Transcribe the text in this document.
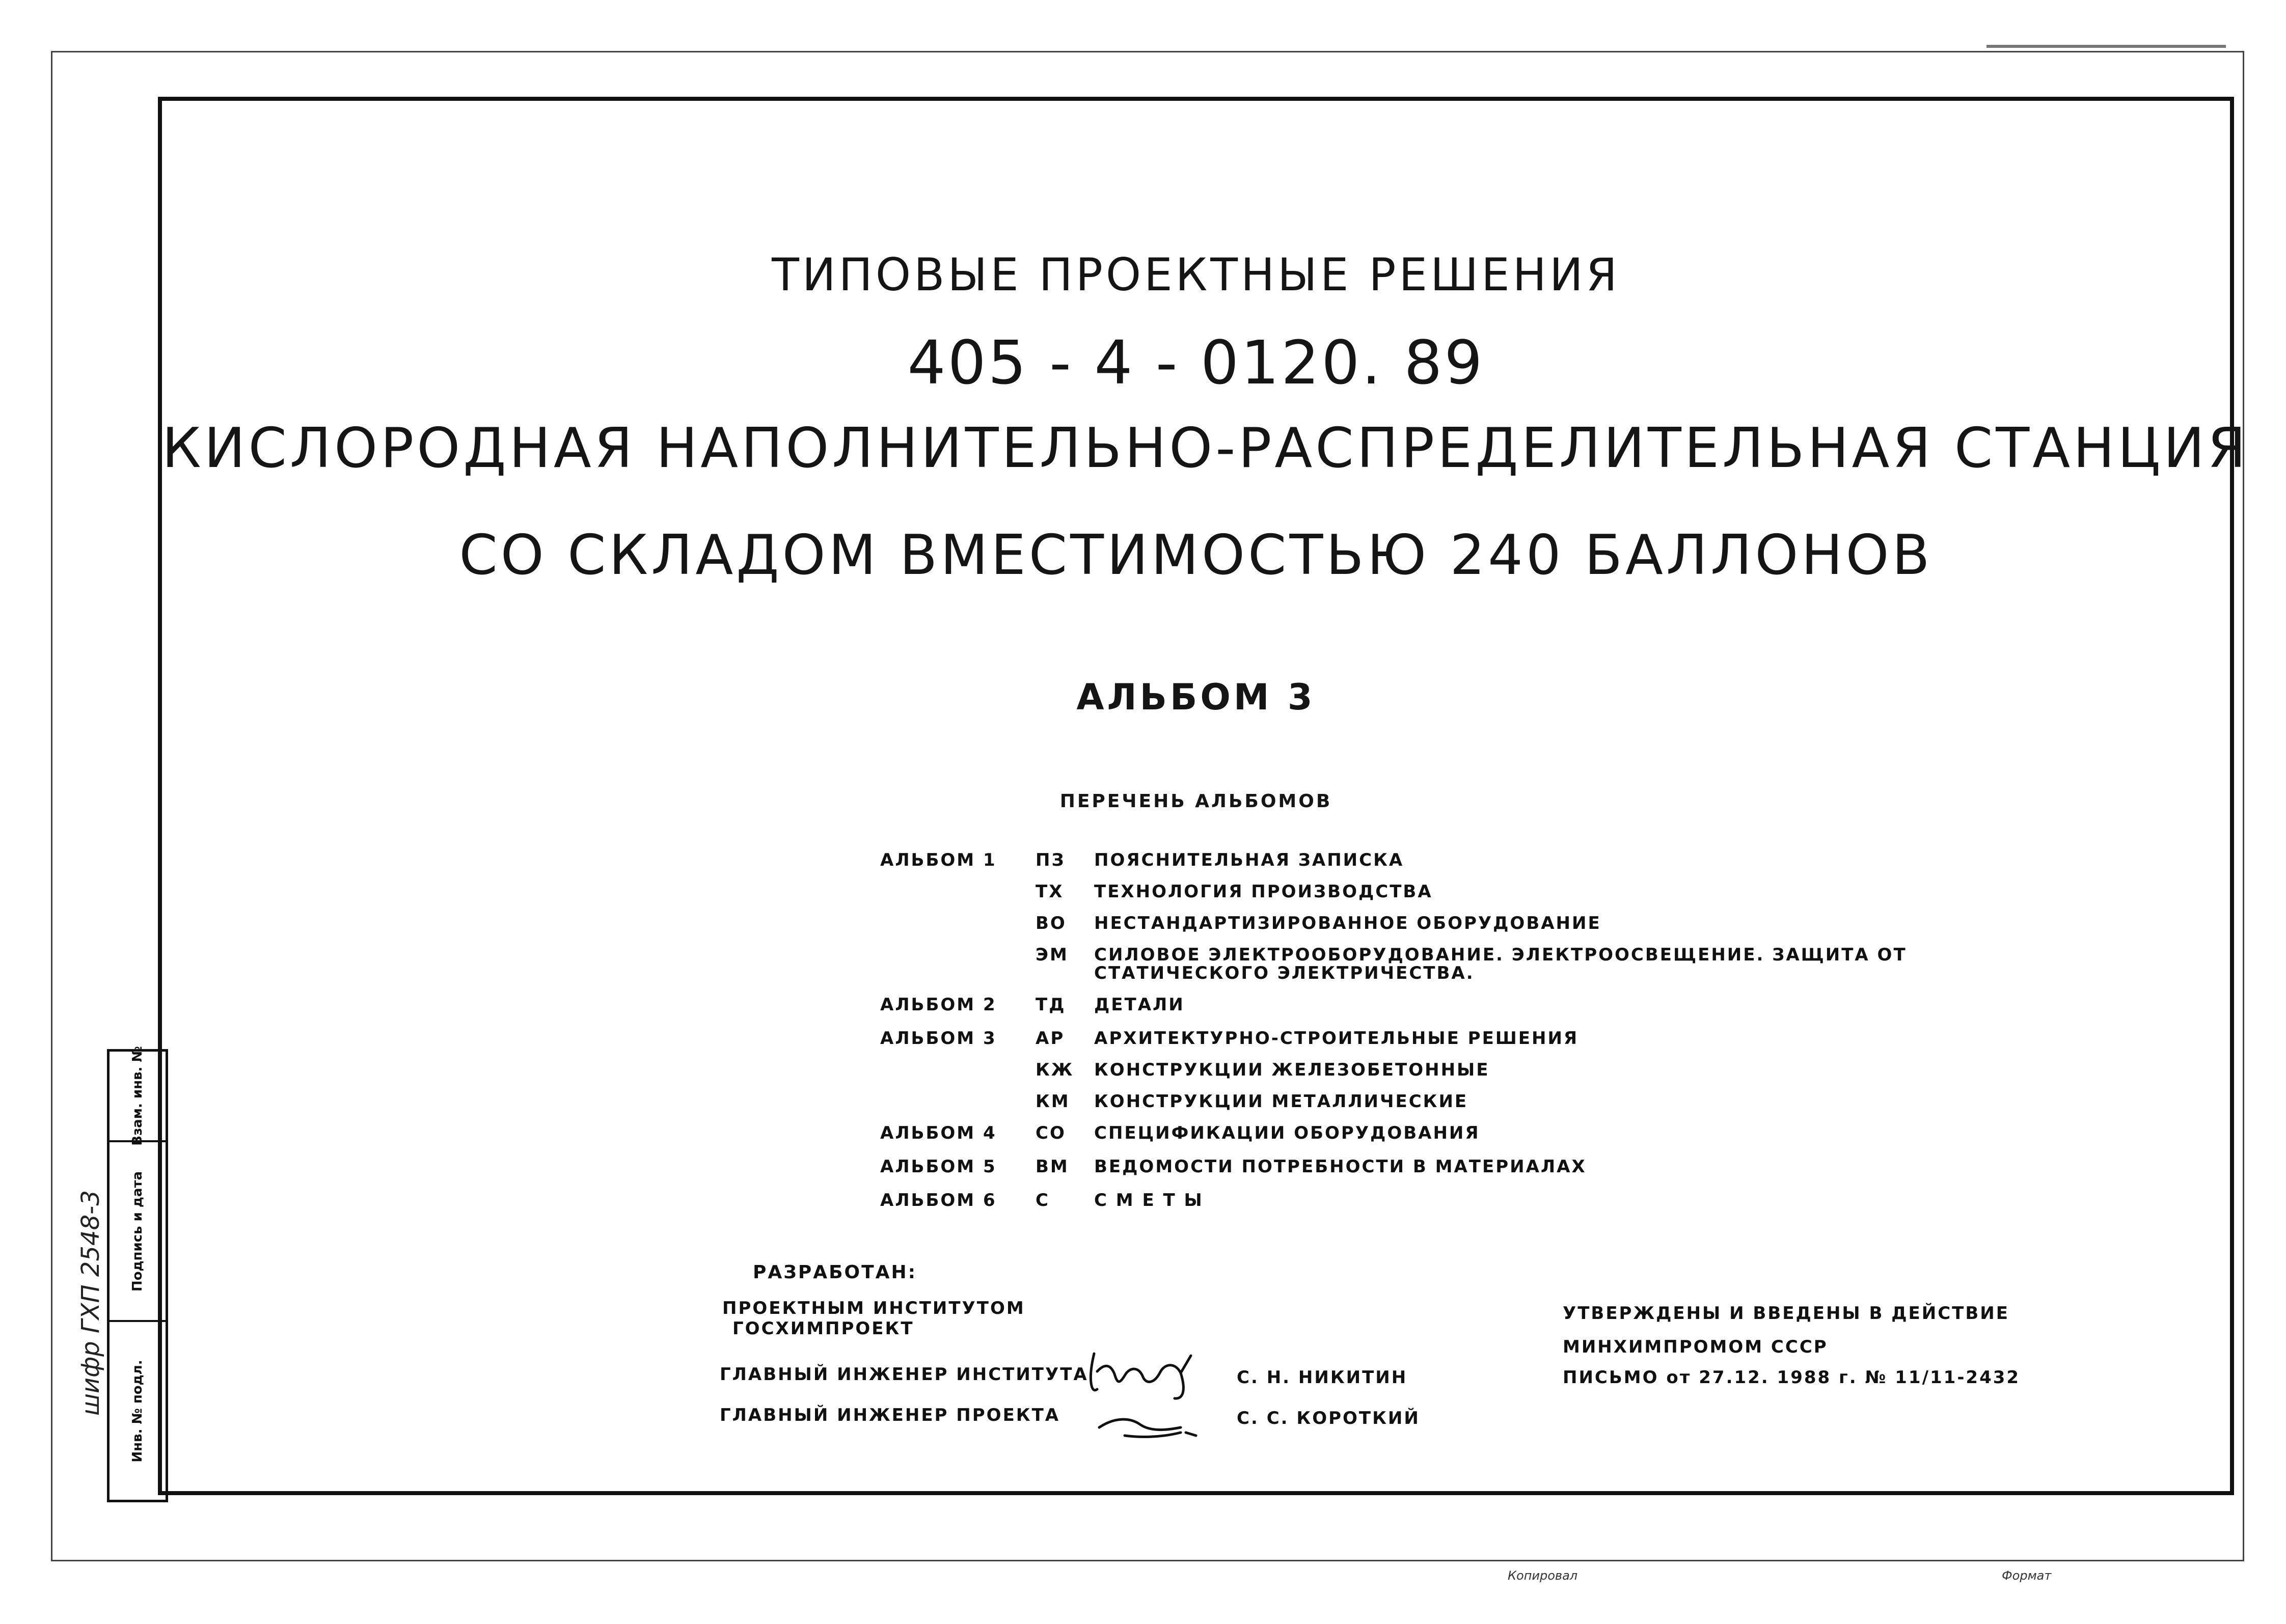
ТИПОВЫЕ ПРОЕКТНЫЕ РЕШЕНИЯ
405 - 4 - 0120. 89
КИСЛОРОДНАЯ НАПОЛНИТЕЛЬНО-РАСПРЕДЕЛИТЕЛЬНАЯ СТАНЦИЯ
СО СКЛАДОМ ВМЕСТИМОСТЬЮ 240 БАЛЛОНОВ
АЛЬБОМ 3
ПЕРЕЧЕНЬ АЛЬБОМОВ
АЛЬБОМ 1 ПЗ ПОЯСНИТЕЛЬНАЯ ЗАПИСКА
ТХ ТЕХНОЛОГИЯ ПРОИЗВОДСТВА
ВО НЕСТАНДАРТИЗИРОВАННОЕ ОБОРУДОВАНИЕ
ЭМ СИЛОВОЕ ЭЛЕКТРООБОРУДОВАНИЕ. ЭЛЕКТРООСВЕЩЕНИЕ. ЗАЩИТА ОТ
СТАТИЧЕСКОГО ЭЛЕКТРИЧЕСТВА.
АЛЬБОМ 2 ТД ДЕТАЛИ
АЛЬБОМ 3 АР АРХИТЕКТУРНО-СТРОИТЕЛЬНЫЕ РЕШЕНИЯ
КЖ КОНСТРУКЦИИ ЖЕЛЕЗОБЕТОННЫЕ
КМ КОНСТРУКЦИИ МЕТАЛЛИЧЕСКИЕ
АЛЬБОМ 4 СО СПЕЦИФИКАЦИИ ОБОРУДОВАНИЯ
АЛЬБОМ 5 ВМ ВЕДОМОСТИ ПОТРЕБНОСТИ В МАТЕРИАЛАХ
АЛЬБОМ 6 С	С М Е Т Ы
РАЗРАБОТАН:
ПРОЕКТНЫМ ИНСТИТУТОМ
ГОСХИМПРОЕКТ
ГЛАВНЫЙ ИНЖЕНЕР ИНСТИТУТА	С. Н. НИКИТИН
ГЛАВНЫЙ ИНЖЕНЕР ПРОЕКТА	С. С. КОРОТКИЙ
УТВЕРЖДЕНЫ И ВВЕДЕНЫ В ДЕЙСТВИЕ
МИНХИМПРОМОМ СССР
ПИСЬМО от 27.12. 1988 г. № 11/11-2432
Взам. инв. №
Подпись и дата
Инв. № подл.
шифр ГХП 2548-3
Копировал	Формат
